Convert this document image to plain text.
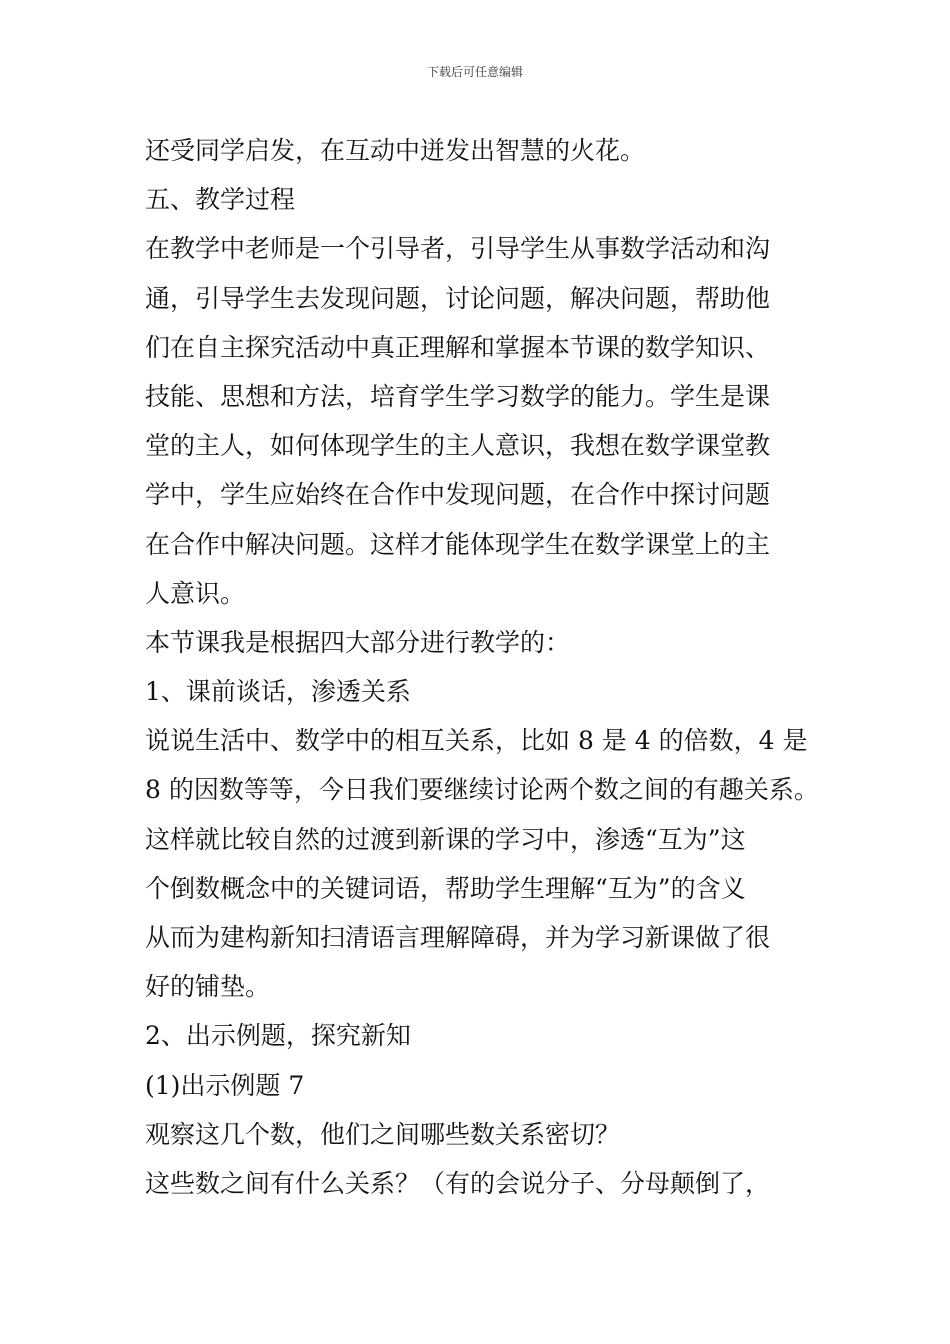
下载后可任意编辑
还受同学启发，在互动中迸发出智慧的火花。
五、教学过程
在教学中老师是一个引导者，引导学生从事数学活动和沟
通，引导学生去发现问题，讨论问题，解决问题，帮助他
们在自主探究活动中真正理解和掌握本节课的数学知识、
技能、思想和方法，培育学生学习数学的能力。学生是课
堂的主人，如何体现学生的主人意识，我想在数学课堂教
学中，学生应始终在合作中发现问题，在合作中探讨问题
在合作中解决问题。这样才能体现学生在数学课堂上的主
人意识。
本节课我是根据四大部分进行教学的：
1、课前谈话，渗透关系
说说生活中、数学中的相互关系，比如 8 是 4 的倍数，4 是
8 的因数等等，今日我们要继续讨论两个数之间的有趣关系。
这样就比较自然的过渡到新课的学习中，渗透“互为”这
个倒数概念中的关键词语，帮助学生理解“互为”的含义
从而为建构新知扫清语言理解障碍，并为学习新课做了很
好的铺垫。
2、出示例题，探究新知
(1)出示例题 7
观察这几个数，他们之间哪些数关系密切？
这些数之间有什么关系？（有的会说分子、分母颠倒了，
